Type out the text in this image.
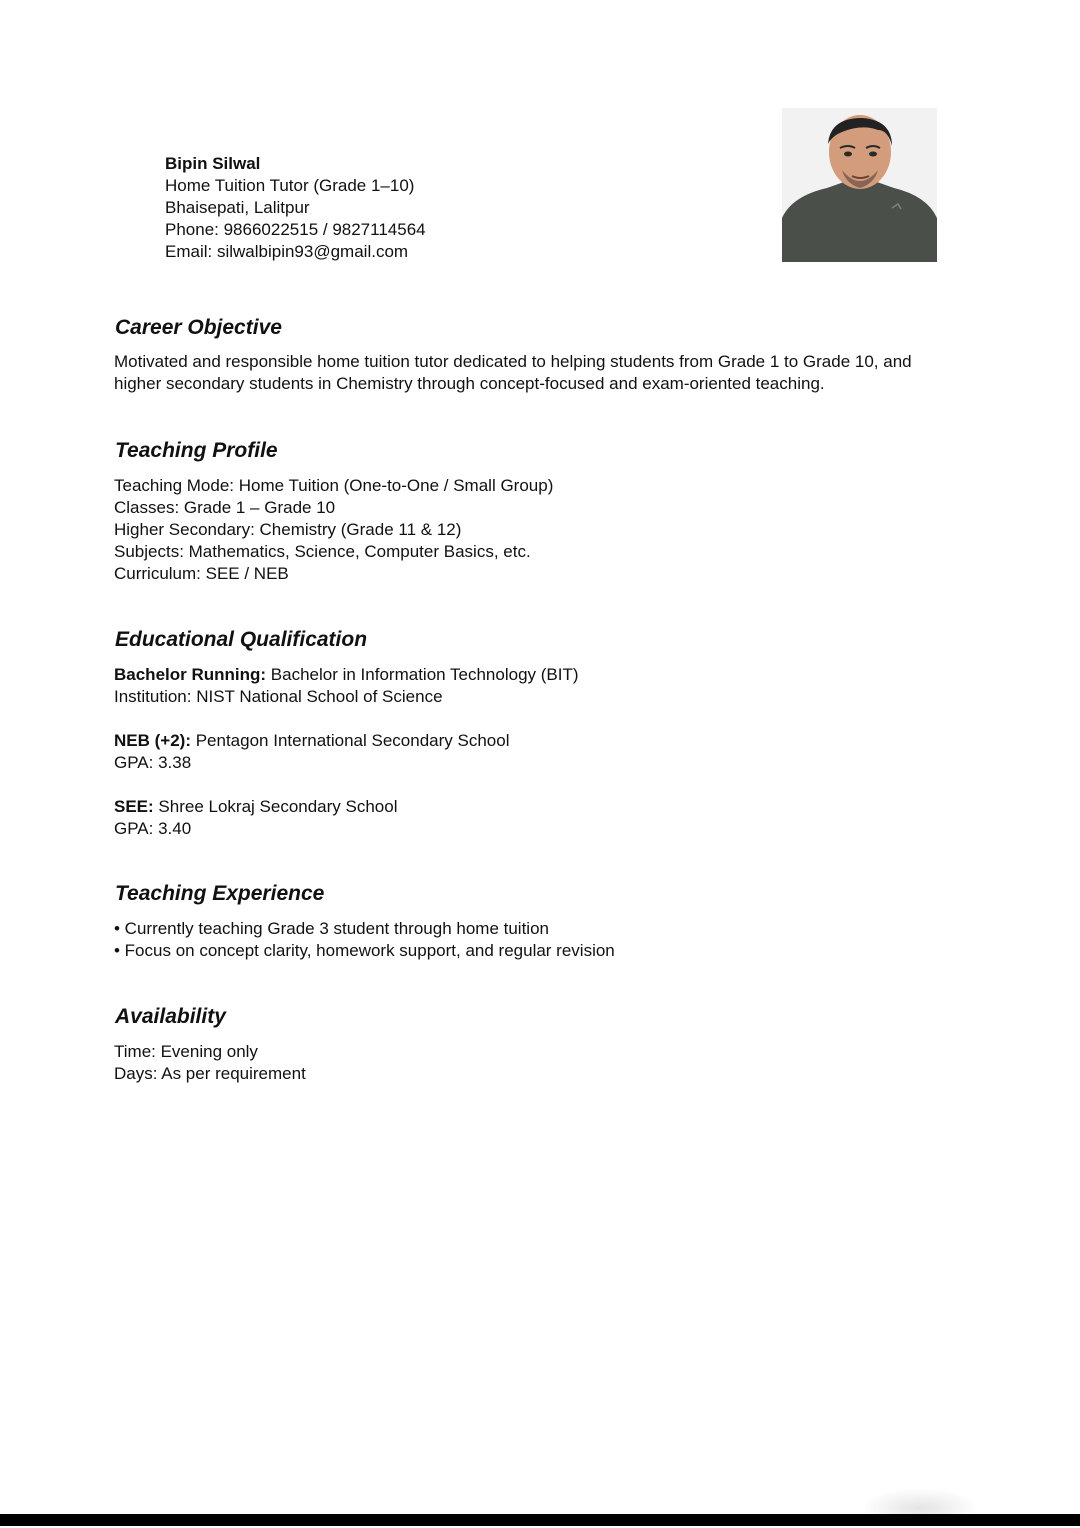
Bipin Silwal
Home Tuition Tutor (Grade 1–10)
Bhaisepati, Lalitpur
Phone: 9866022515 / 9827114564
Email: silwalbipin93@gmail.com
Career Objective
Motivated and responsible home tuition tutor dedicated to helping students from Grade 1 to Grade 10, and
higher secondary students in Chemistry through concept-focused and exam-oriented teaching.
Teaching Profile
Teaching Mode: Home Tuition (One-to-One / Small Group)
Classes: Grade 1 – Grade 10
Higher Secondary: Chemistry (Grade 11 & 12)
Subjects: Mathematics, Science, Computer Basics, etc.
Curriculum: SEE / NEB
Educational Qualification
Bachelor Running: Bachelor in Information Technology (BIT)
Institution: NIST National School of Science
NEB (+2): Pentagon International Secondary School
GPA: 3.38
SEE: Shree Lokraj Secondary School
GPA: 3.40
Teaching Experience
• Currently teaching Grade 3 student through home tuition
• Focus on concept clarity, homework support, and regular revision
Availability
Time: Evening only
Days: As per requirement
